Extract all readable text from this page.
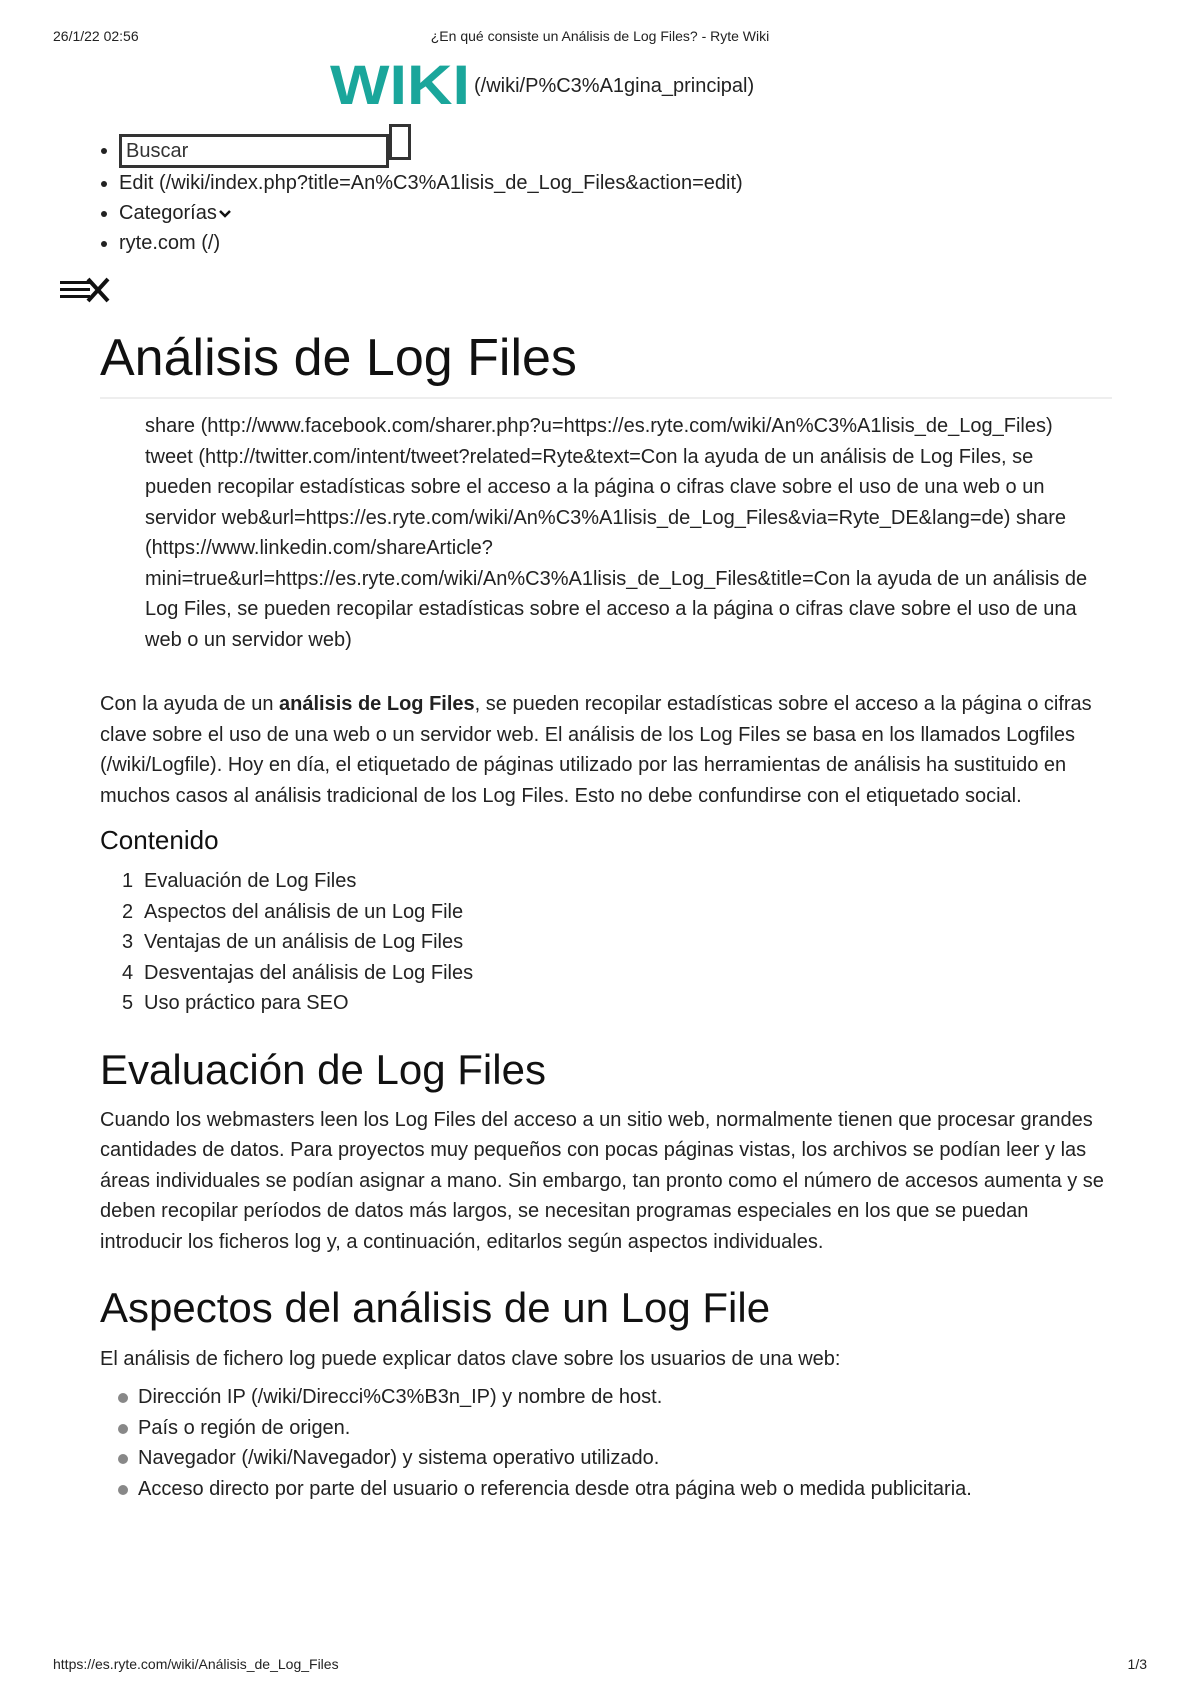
26/1/22 02:56	¿En qué consiste un Análisis de Log Files? - Ryte Wiki
WIKI (/wiki/P%C3%A1gina_principal)
•
Buscar
• Edit (/wiki/index.php?title=An%C3%A1lisis_de_Log_Files&action=edit)
• Categorías
• ryte.com (/)
Análisis de Log Files
share (http://www.facebook.com/sharer.php?u=https://es.ryte.com/wiki/An%C3%A1lisis_de_Log_Files) tweet (http://twitter.com/intent/tweet?related=Ryte&text=Con la ayuda de un análisis de Log Files, se pueden recopilar estadísticas sobre el acceso a la página o cifras clave sobre el uso de una web o un servidor web&url=https://es.ryte.com/wiki/An%C3%A1lisis_de_Log_Files&via=Ryte_DE&lang=de) share (https://www.linkedin.com/shareArticle?mini=true&url=https://es.ryte.com/wiki/An%C3%A1lisis_de_Log_Files&title=Con la ayuda de un análisis de Log Files, se pueden recopilar estadísticas sobre el acceso a la página o cifras clave sobre el uso de una web o un servidor web)

Con la ayuda de un análisis de Log Files, se pueden recopilar estadísticas sobre el acceso a la página o cifras clave sobre el uso de una web o un servidor web. El análisis de los Log Files se basa en los llamados Logfiles (/wiki/Logfile). Hoy en día, el etiquetado de páginas utilizado por las herramientas de análisis ha sustituido en muchos casos al análisis tradicional de los Log Files. Esto no debe confundirse con el etiquetado social.

Contenido
1 Evaluación de Log Files
2 Aspectos del análisis de un Log File
3 Ventajas de un análisis de Log Files
4 Desventajas del análisis de Log Files
5 Uso práctico para SEO
Evaluación de Log Files

Cuando los webmasters leen los Log Files del acceso a un sitio web, normalmente tienen que procesar grandes cantidades de datos. Para proyectos muy pequeños con pocas páginas vistas, los archivos se podían leer y las áreas individuales se podían asignar a mano. Sin embargo, tan pronto como el número de accesos aumenta y se deben recopilar períodos de datos más largos, se necesitan programas especiales en los que se puedan introducir los ficheros log y, a continuación, editarlos según aspectos individuales.

Aspectos del análisis de un Log File

El análisis de fichero log puede explicar datos clave sobre los usuarios de una web:

Dirección IP (/wiki/Direcci%C3%B3n_IP) y nombre de host.
País o región de origen.
Navegador (/wiki/Navegador) y sistema operativo utilizado.
Acceso directo por parte del usuario o referencia desde otra página web o medida publicitaria.
https://es.ryte.com/wiki/Análisis_de_Log_Files	1/3
